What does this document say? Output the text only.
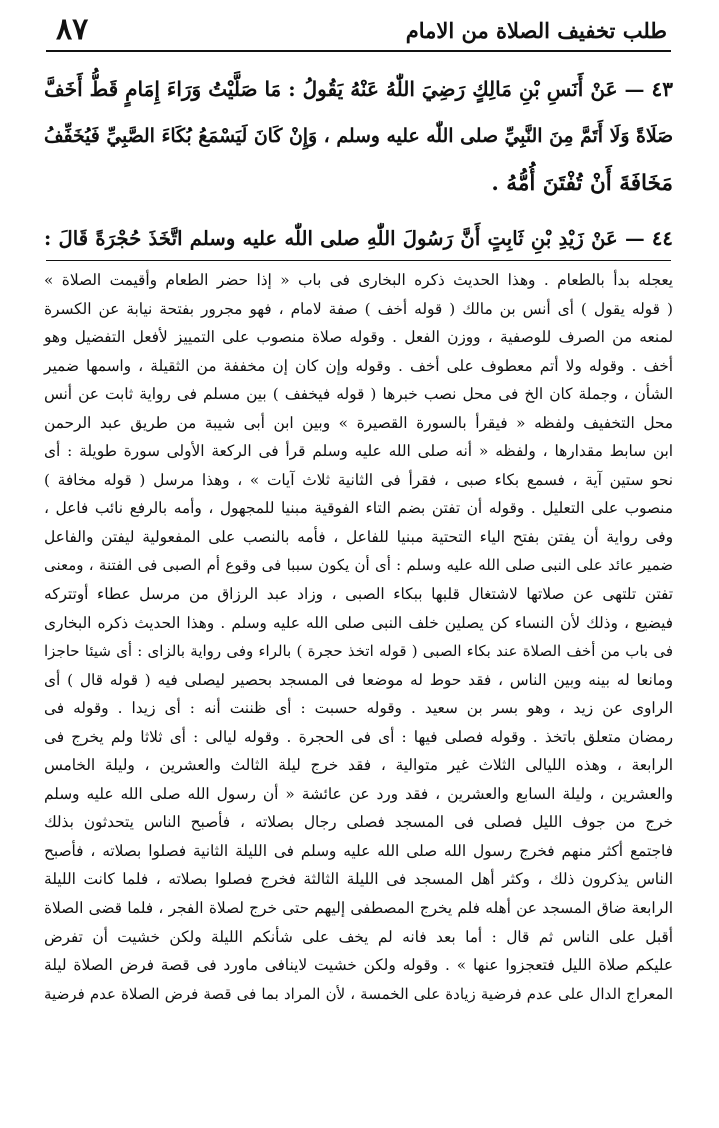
طلب تخفيف الصلاة من الامام
٨٧
٤٣ — عَنْ أَنَسِ بْنِ مَالِكٍ رَضِيَ اللّٰهُ عَنْهُ يَقُولُ : مَا صَلَّيْتُ وَرَاءَ إِمَامٍ قَطُّ أَخَفَّ
صَلَاةً وَلَا أَتَمَّ مِنَ النَّبِيِّ صلى اللّٰه عليه وسلم ، وَإِنْ كَانَ لَيَسْمَعُ بُكَاءَ الصَّبِيِّ فَيُخَفِّفُ
مَخَافَةَ أَنْ تُفْتَنَ أُمُّهُ .
٤٤ — عَنْ زَيْدِ بْنِ ثَابِتٍ أَنَّ رَسُولَ اللّٰهِ صلى اللّٰه عليه وسلم اتَّخَذَ حُجْرَةً قَالَ :
يعجله بدأ بالطعام . وهذا الحديث ذكره البخارى فى باب « إذا حضر الطعام وأقيمت الصلاة »
( قوله يقول ) أى أنس بن مالك ( قوله أخف ) صفة لامام ، فهو مجرور بفتحة نيابة عن الكسرة
لمنعه من الصرف للوصفية ، ووزن الفعل . وقوله صلاة منصوب على التمييز لأفعل التفضيل وهو
أخف . وقوله ولا أتم معطوف على أخف . وقوله وإن كان إن مخففة من الثقيلة ، واسمها ضمير
الشأن ، وجملة كان الخ فى محل نصب خبرها ( قوله فيخفف ) بين مسلم فى رواية ثابت عن أنس
محل التخفيف ولفظه « فيقرأ بالسورة القصيرة » وبين ابن أبى شيبة من طريق عبد الرحمن
ابن سابط مقدارها ، ولفظه « أنه صلى الله عليه وسلم قرأ فى الركعة الأولى سورة طويلة : أى
نحو ستين آية ، فسمع بكاء صبى ، فقرأ فى الثانية ثلاث آيات » ، وهذا مرسل ( قوله مخافة )
منصوب على التعليل . وقوله أن تفتن بضم التاء الفوقية مبنيا للمجهول ، وأمه بالرفع نائب فاعل ،
وفى رواية أن يفتن بفتح الياء التحتية مبنيا للفاعل ، فأمه بالنصب على المفعولية ليفتن والفاعل
ضمير عائد على النبى صلى الله عليه وسلم : أى أن يكون سببا فى وقوع أم الصبى فى الفتنة ، ومعنى
تفتن تلتهى عن صلاتها لاشتغال قلبها ببكاء الصبى ، وزاد عبد الرزاق من مرسل عطاء أوتتركه
فيضيع ، وذلك لأن النساء كن يصلين خلف النبى صلى الله عليه وسلم . وهذا الحديث ذكره البخارى
فى باب من أخف الصلاة عند بكاء الصبى ( قوله اتخذ حجرة ) بالراء وفى رواية بالزاى : أى شيئا حاجزا
ومانعا له بينه وبين الناس ، فقد حوط له موضعا فى المسجد بحصير ليصلى فيه ( قوله قال ) أى
الراوى عن زيد ، وهو بسر بن سعيد . وقوله حسبت : أى ظننت أنه : أى زيدا . وقوله فى
رمضان متعلق باتخذ . وقوله فصلى فيها : أى فى الحجرة . وقوله ليالى : أى ثلاثا ولم يخرج فى
الرابعة ، وهذه الليالى الثلاث غير متوالية ، فقد خرج ليلة الثالث والعشرين ، وليلة الخامس
والعشرين ، وليلة السابع والعشرين ، فقد ورد عن عائشة « أن رسول الله صلى الله عليه وسلم
خرج من جوف الليل فصلى فى المسجد فصلى رجال بصلاته ، فأصبح الناس يتحدثون بذلك
فاجتمع أكثر منهم فخرج رسول الله صلى الله عليه وسلم فى الليلة الثانية فصلوا بصلاته ، فأصبح
الناس يذكرون ذلك ، وكثر أهل المسجد فى الليلة الثالثة فخرج فصلوا بصلاته ، فلما كانت الليلة
الرابعة ضاق المسجد عن أهله فلم يخرج المصطفى إليهم حتى خرج لصلاة الفجر ، فلما قضى الصلاة
أقبل على الناس ثم قال : أما بعد فانه لم يخف على شأنكم الليلة ولكن خشيت أن تفرض
عليكم صلاة الليل فتعجزوا عنها » . وقوله ولكن خشيت لاينافى ماورد فى قصة فرض الصلاة ليلة
المعراج الدال على عدم فرضية زيادة على الخمسة ، لأن المراد بما فى قصة فرض الصلاة عدم فرضية
